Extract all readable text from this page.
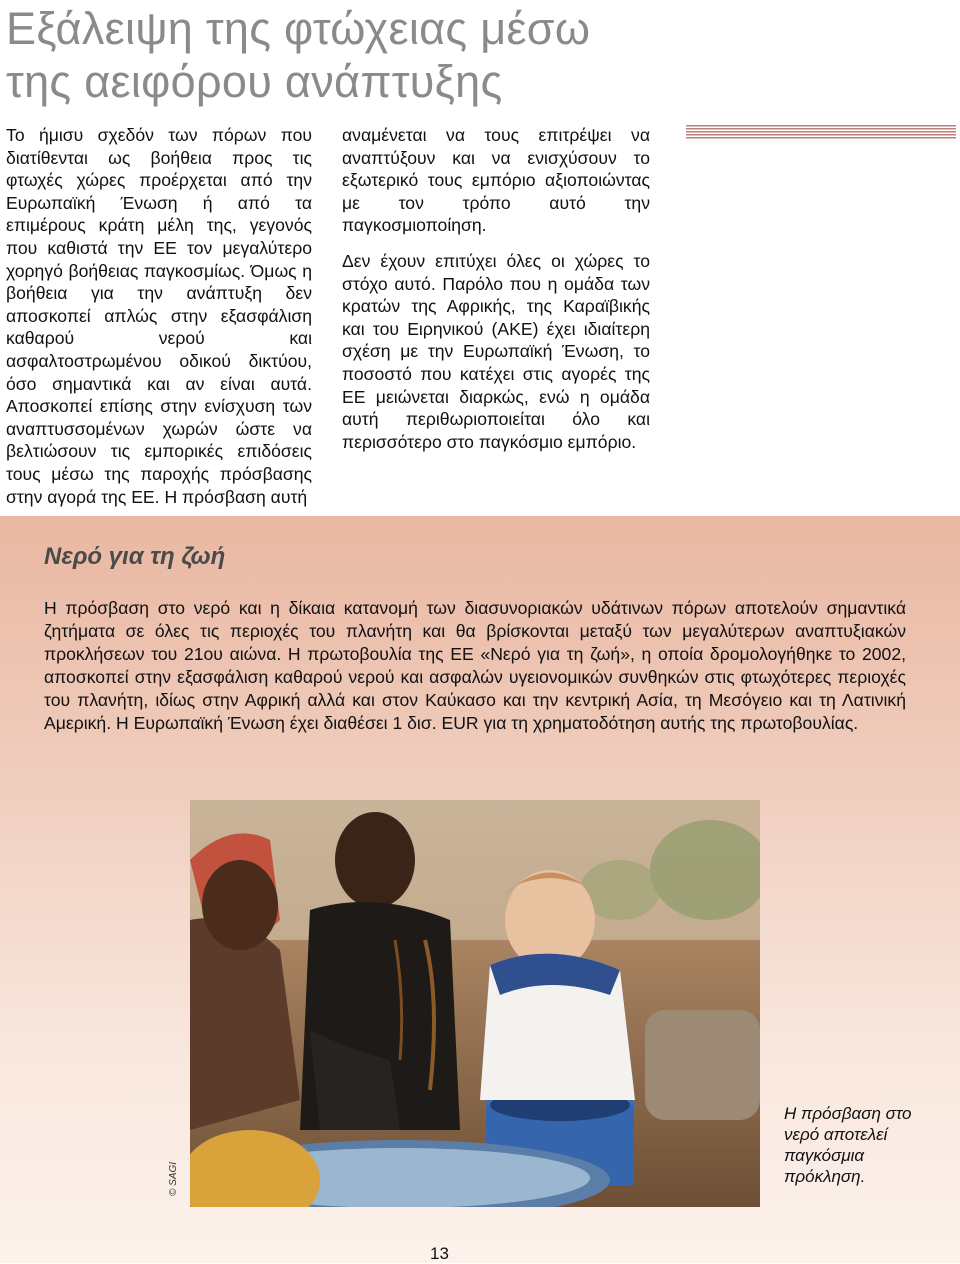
Εξάλειψη της φτώχειας μέσω
της αειφόρου ανάπτυξης

Το ήμισυ σχεδόν των πόρων που διατίθενται ως βοήθεια προς τις φτωχές χώρες προέρχεται από την Ευρωπαϊκή Ένωση ή από τα επιμέρους κράτη μέλη της, γεγονός που καθιστά την ΕΕ τον μεγαλύτερο χορηγό βοήθειας παγκοσμίως. Όμως η βοήθεια για την ανάπτυξη δεν αποσκοπεί απλώς στην εξασφάλιση καθαρού νερού και ασφαλτοστρωμένου οδικού δικτύου, όσο σημαντικά και αν είναι αυτά. Αποσκοπεί επίσης στην ενίσχυση των αναπτυσσομένων χωρών ώστε να βελτιώσουν τις εμπορικές επιδόσεις τους μέσω της παροχής πρόσβασης στην αγορά της ΕΕ. Η πρόσβαση αυτή

αναμένεται να τους επιτρέψει να αναπτύξουν και να ενισχύσουν το εξωτερικό τους εμπόριο αξιοποιώντας με τον τρόπο αυτό την παγκοσμιοποίηση.

Δεν έχουν επιτύχει όλες οι χώρες το στόχο αυτό. Παρόλο που η ομάδα των κρατών της Αφρικής, της Καραϊβικής και του Ειρηνικού (ΑΚΕ) έχει ιδιαίτερη σχέση με την Ευρωπαϊκή Ένωση, το ποσοστό που κατέχει στις αγορές της ΕΕ μειώνεται διαρκώς, ενώ η ομάδα αυτή περιθωριοποιείται όλο και περισσότερο στο παγκόσμιο εμπόριο.

Νερό για τη ζωή

Η πρόσβαση στο νερό και η δίκαια κατανομή των διασυνοριακών υδάτινων πόρων αποτελούν σημαντικά ζητήματα σε όλες τις περιοχές του πλανήτη και θα βρίσκονται μεταξύ των μεγαλύτερων αναπτυξιακών προκλήσεων του 21ου αιώνα. Η πρωτοβουλία της ΕΕ «Νερό για τη ζωή», η οποία δρομολογήθηκε το 2002, αποσκοπεί στην εξασφάλιση καθαρού νερού και ασφαλών υγειονομικών συνθηκών στις φτωχότερες περιοχές του πλανήτη, ιδίως στην Αφρική αλλά και στον Καύκασο και την κεντρική Ασία, τη Μεσόγειο και τη Λατινική Αμερική. Η Ευρωπαϊκή Ένωση έχει διαθέσει 1 δισ. EUR για τη χρηματοδότηση αυτής της πρωτοβουλίας.

© SAGI

Η πρόσβαση στο νερό αποτελεί παγκόσμια πρόκληση.

13
